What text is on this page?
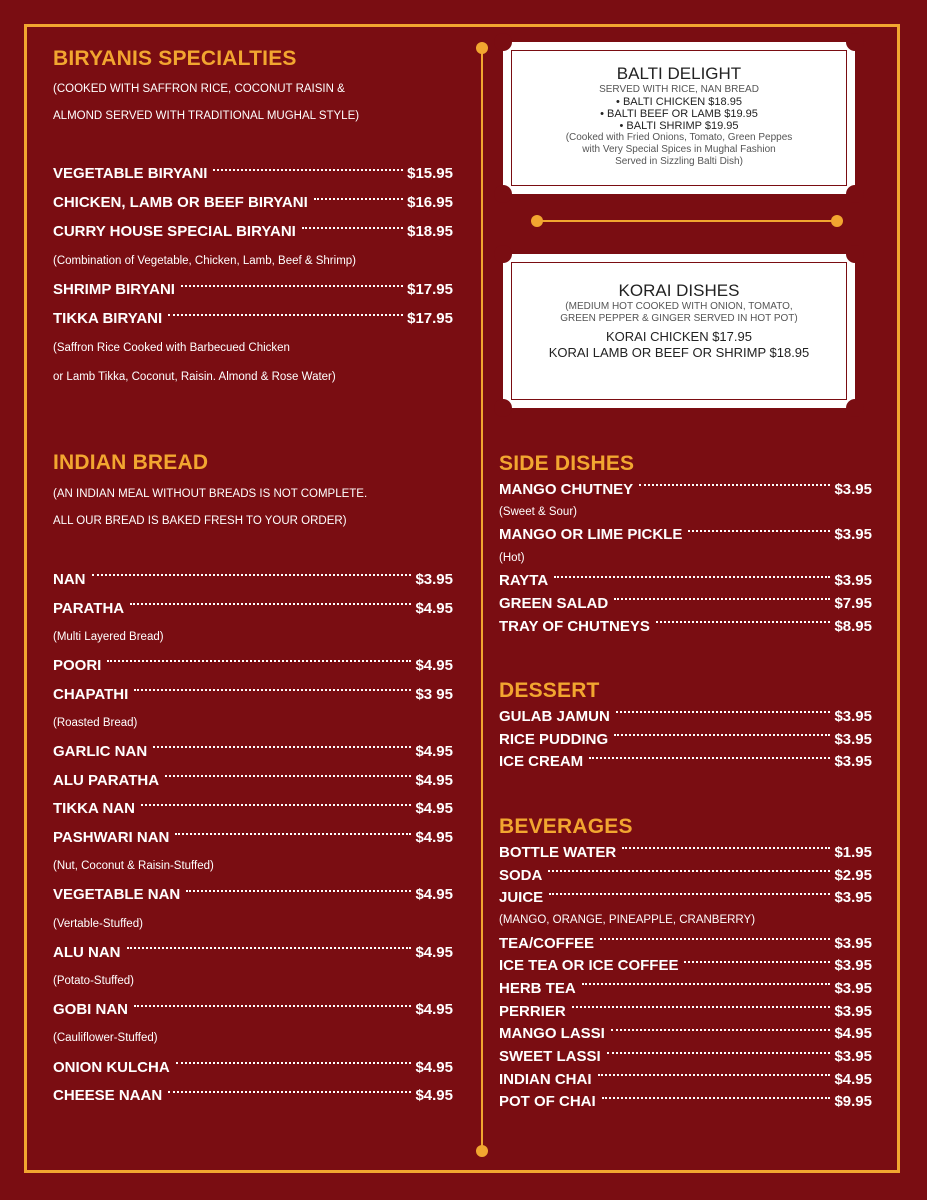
BIRYANIS SPECIALTIES
(COOKED WITH SAFFRON RICE, COCONUT RAISIN &
ALMOND SERVED WITH TRADITIONAL MUGHAL STYLE)
VEGETABLE BIRYANI	$15.95
CHICKEN, LAMB OR BEEF BIRYANI	$16.95
CURRY HOUSE SPECIAL BIRYANI	$18.95
(Combination of Vegetable, Chicken, Lamb, Beef & Shrimp)
SHRIMP BIRYANI	$17.95
TIKKA BIRYANI	$17.95
(Saffron Rice Cooked with Barbecued Chicken
or Lamb Tikka, Coconut, Raisin. Almond & Rose Water)
INDIAN BREAD
(AN INDIAN MEAL WITHOUT BREADS IS NOT COMPLETE.
ALL OUR BREAD IS BAKED FRESH TO YOUR ORDER)
NAN	$3.95
PARATHA	$4.95
(Multi Layered Bread)
POORI	$4.95
CHAPATHI	$3 95
(Roasted Bread)
GARLIC NAN	$4.95
ALU PARATHA	$4.95
TIKKA NAN	$4.95
PASHWARI NAN	$4.95
(Nut, Coconut & Raisin-Stuffed)
VEGETABLE NAN	$4.95
(Vertable-Stuffed)
ALU NAN	$4.95
(Potato-Stuffed)
GOBI NAN	$4.95
(Cauliflower-Stuffed)
ONION KULCHA	$4.95
CHEESE NAAN	$4.95
BALTI DELIGHT
SERVED WITH RICE, NAN BREAD
• BALTI CHICKEN $18.95
• BALTI BEEF OR LAMB $19.95
• BALTI SHRIMP $19.95
(Cooked with Fried Onions, Tomato, Green Peppes
with Very Special Spices in Mughal Fashion
Served in Sizzling Balti Dish)
KORAI DISHES
(MEDIUM HOT COOKED WITH ONION, TOMATO,
GREEN PEPPER & GINGER SERVED IN HOT POT)
KORAI CHICKEN $17.95
KORAI LAMB OR BEEF OR SHRIMP $18.95
SIDE DISHES
MANGO CHUTNEY	$3.95
(Sweet & Sour)
MANGO OR LIME PICKLE	$3.95
(Hot)
RAYTA	$3.95
GREEN SALAD	$7.95
TRAY OF CHUTNEYS	$8.95
DESSERT
GULAB JAMUN	$3.95
RICE PUDDING	$3.95
ICE CREAM	$3.95
BEVERAGES
BOTTLE WATER	$1.95
SODA	$2.95
JUICE	$3.95
(MANGO, ORANGE, PINEAPPLE, CRANBERRY)
TEA/COFFEE	$3.95
ICE TEA OR ICE COFFEE	$3.95
HERB TEA	$3.95
PERRIER	$3.95
MANGO LASSI	$4.95
SWEET LASSI	$3.95
INDIAN CHAI	$4.95
POT OF CHAI	$9.95
